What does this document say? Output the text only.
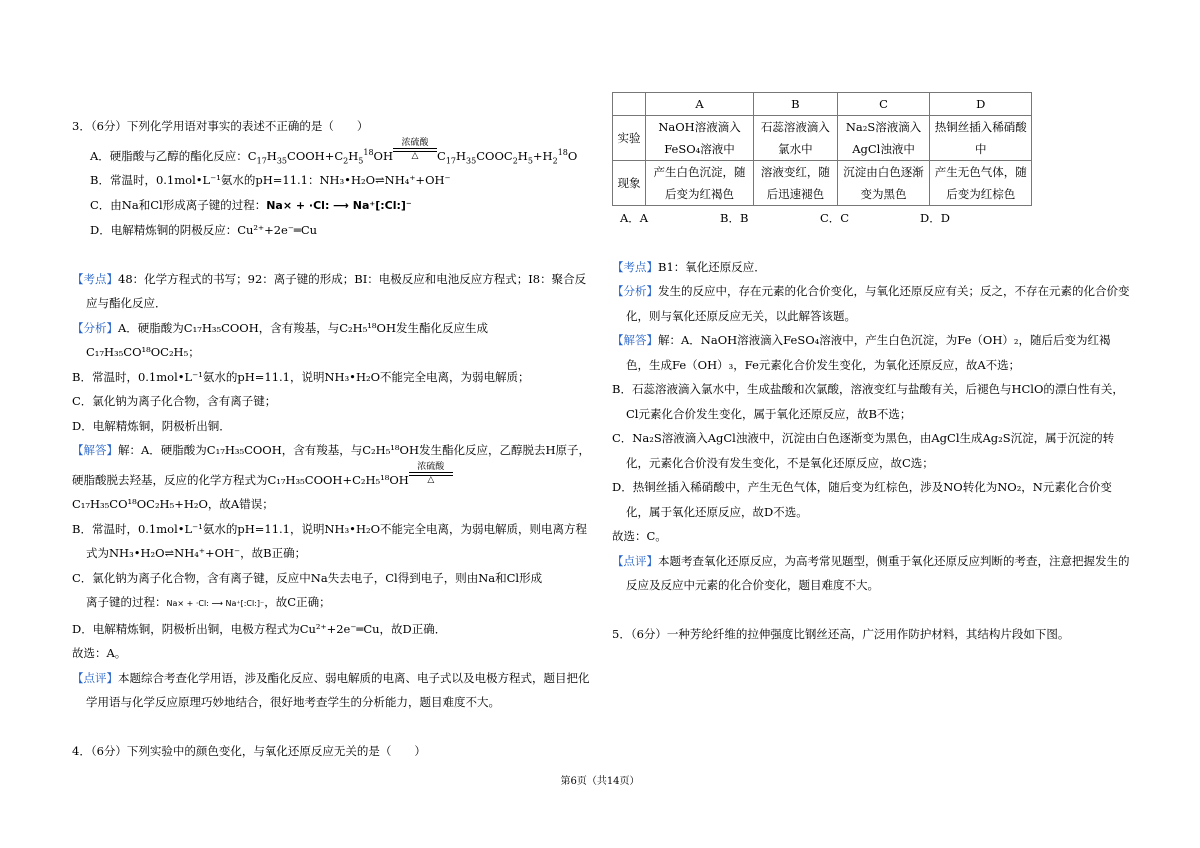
3．（6分）下列化学用语对事实的表述不正确的是（　　）

A．硬脂酸与乙醇的酯化反应：$C_{17}H_{35}COOH+C_2H_5^{18}OH$
浓硫酸
△	$C_{17}H_{35}COOC_2H_5+H_2^{18}O$

B．常温时，0.1mol•L⁻¹氨水的pH=11.1：NH₃•H₂O⇌NH₄⁺+OH⁻

C．由Na和Cl形成离子键的过程：Na× + ·Cl: ⟶ Na⁺[:Cl:]⁻

D．电解精炼铜的阴极反应：Cu²⁺+2e⁻═Cu

【考点】48：化学方程式的书写；92：离子键的形成；BI：电极反应和电池反应方程式；I8：聚合反应与酯化反应．

【分析】A．硬脂酸为C₁₇H₃₅COOH，含有羧基，与C₂H₅¹⁸OH发生酯化反应生成C₁₇H₃₅CO¹⁸OC₂H₅；

B．常温时，0.1mol•L⁻¹氨水的pH=11.1，说明NH₃•H₂O不能完全电离，为弱电解质；

C．氯化钠为离子化合物，含有离子键；

D．电解精炼铜，阴极析出铜．

【解答】解：A．硬脂酸为C₁₇H₃₅COOH，含有羧基，与C₂H₅¹⁸OH发生酯化反应，乙醇脱去H原子，硬脂酸脱去羟基，反应的化学方程式为C₁₇H₃₅COOH+C₂H₅¹⁸OH
浓硫酸
△

C₁₇H₃₅CO¹⁸OC₂H₅+H₂O，故A错误；

B．常温时，0.1mol•L⁻¹氨水的pH=11.1，说明NH₃•H₂O不能完全电离，为弱电解质，则电离方程式为NH₃•H₂O⇌NH₄⁺+OH⁻，故B正确；

C．氯化钠为离子化合物，含有离子键，反应中Na失去电子，Cl得到电子，则由Na和Cl形成

离子键的过程：Na× + ·Cl: ⟶ Na⁺[:Cl:]⁻，故C正确；

D．电解精炼铜，阴极析出铜，电极方程式为Cu²⁺+2e⁻═Cu，故D正确．

故选：A。

【点评】本题综合考查化学用语，涉及酯化反应、弱电解质的电离、电子式以及电极方程式，题目把化学用语与化学反应原理巧妙地结合，很好地考查学生的分析能力，题目难度不大。

4．（6分）下列实验中的颜色变化，与氧化还原反应无关的是（　　）

	A	B	C	D
实验	NaOH溶液滴入FeSO₄溶液中	石蕊溶液滴入氯水中	Na₂S溶液滴入AgCl浊液中	热铜丝插入稀硝酸中
现象	产生白色沉淀，随后变为红褐色	溶液变红，随后迅速褪色	沉淀由白色逐渐变为黑色	产生无色气体，随后变为红棕色

A．A	B．B	C．C	D．D

【考点】B1：氧化还原反应．

【分析】发生的反应中，存在元素的化合价变化，与氧化还原反应有关；反之，不存在元素的化合价变化，则与氧化还原反应无关，以此解答该题。

【解答】解：A．NaOH溶液滴入FeSO₄溶液中，产生白色沉淀，为Fe（OH）₂，随后后变为红褐色，生成Fe（OH）₃，Fe元素化合价发生变化，为氧化还原反应，故A不选；

B．石蕊溶液滴入氯水中，生成盐酸和次氯酸，溶液变红与盐酸有关，后褪色与HClO的漂白性有关，Cl元素化合价发生变化，属于氧化还原反应，故B不选；

C．Na₂S溶液滴入AgCl浊液中，沉淀由白色逐渐变为黑色，由AgCl生成Ag₂S沉淀，属于沉淀的转化，元素化合价没有发生变化，不是氧化还原反应，故C选；

D．热铜丝插入稀硝酸中，产生无色气体，随后变为红棕色，涉及NO转化为NO₂，N元素化合价变化，属于氧化还原反应，故D不选。

故选：C。

【点评】本题考查氧化还原反应，为高考常见题型，侧重于氧化还原反应判断的考查，注意把握发生的反应及反应中元素的化合价变化，题目难度不大。

5．（6分）一种芳纶纤维的拉伸强度比钢丝还高，广泛用作防护材料，其结构片段如下图。

第6页（共14页）
